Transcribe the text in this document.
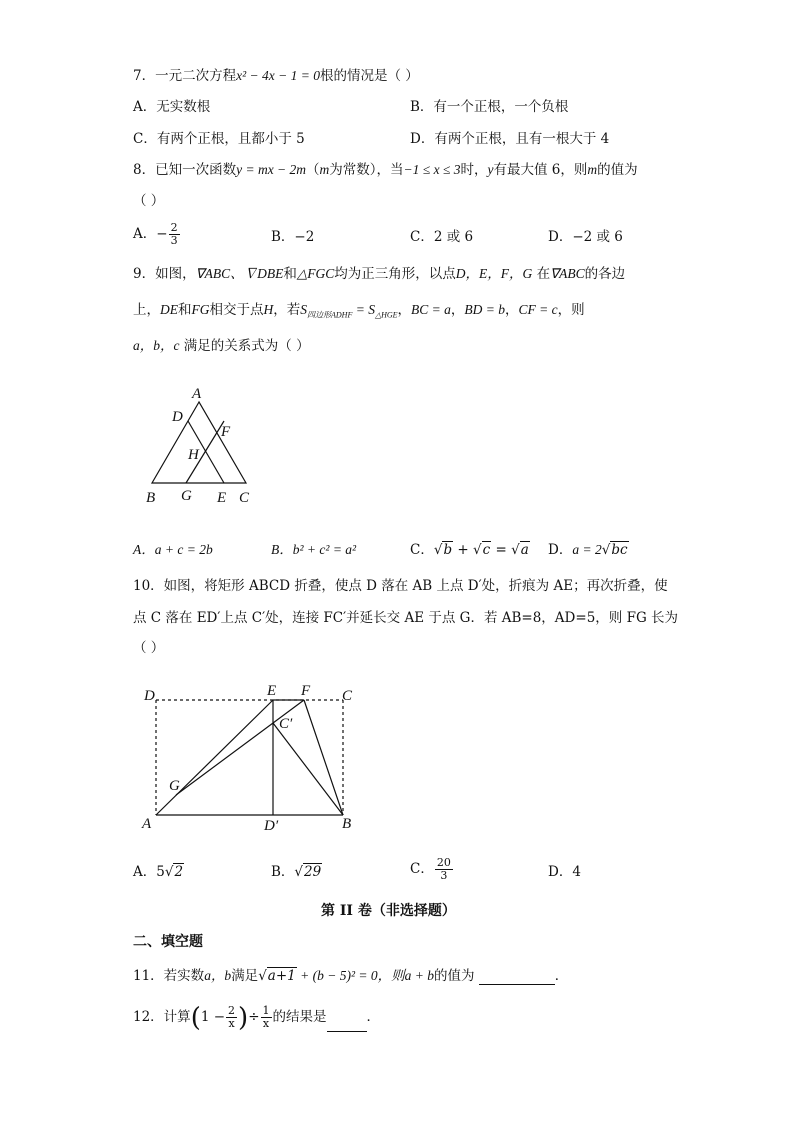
7．一元二次方程x² − 4x − 1 = 0根的情况是（ ）
A．无实数根	B．有一个正根，一个负根
C．有两个正根，且都小于 5	D．有两个正根，且有一根大于 4
8．已知一次函数y = mx − 2m（m为常数），当−1 ≤ x ≤ 3时，y有最大值 6，则m的值为
（ ）
A．− $\frac{2}{3}$	B．−2	C．2 或 6	D．−2 或 6
9．如图，∇ABC、∇DBE和△FGC均为正三角形，以点D，E，F，G 在∇ABC的各边
上，DE和FG相交于点H，若$S_{四边形ADHF} = S_{\triangle HGE}$，BC = a，BD = b，CF = c，则
a，b，c 满足的关系式为（ ）
A
D
F
H
B G E C
A．a + c = 2b	B．b² + c² = a²	C．√b + √c = √a D．a = 2√bc
10．如图，将矩形 ABCD 折叠，使点 D 落在 AB 上点 D′处，折痕为 AE；再次折叠，使
点 C 落在 ED′上点 C′处，连接 FC′并延长交 AE 于点 G．若 AB=8，AD=5，则 FG 长为
（ ）
D	E F C
C′
G
A	D′	B
A．5√2	B．√29	C． $\frac{20}{3}$	D．4
第 II 卷（非选择题）
二、填空题
11．若实数a，b满足√a+1 + (b − 5)² = 0，则a + b的值为	．
12．计算($1 - \frac{2}{x}$ )÷ $\frac{1}{x}$ 的结果是	．
